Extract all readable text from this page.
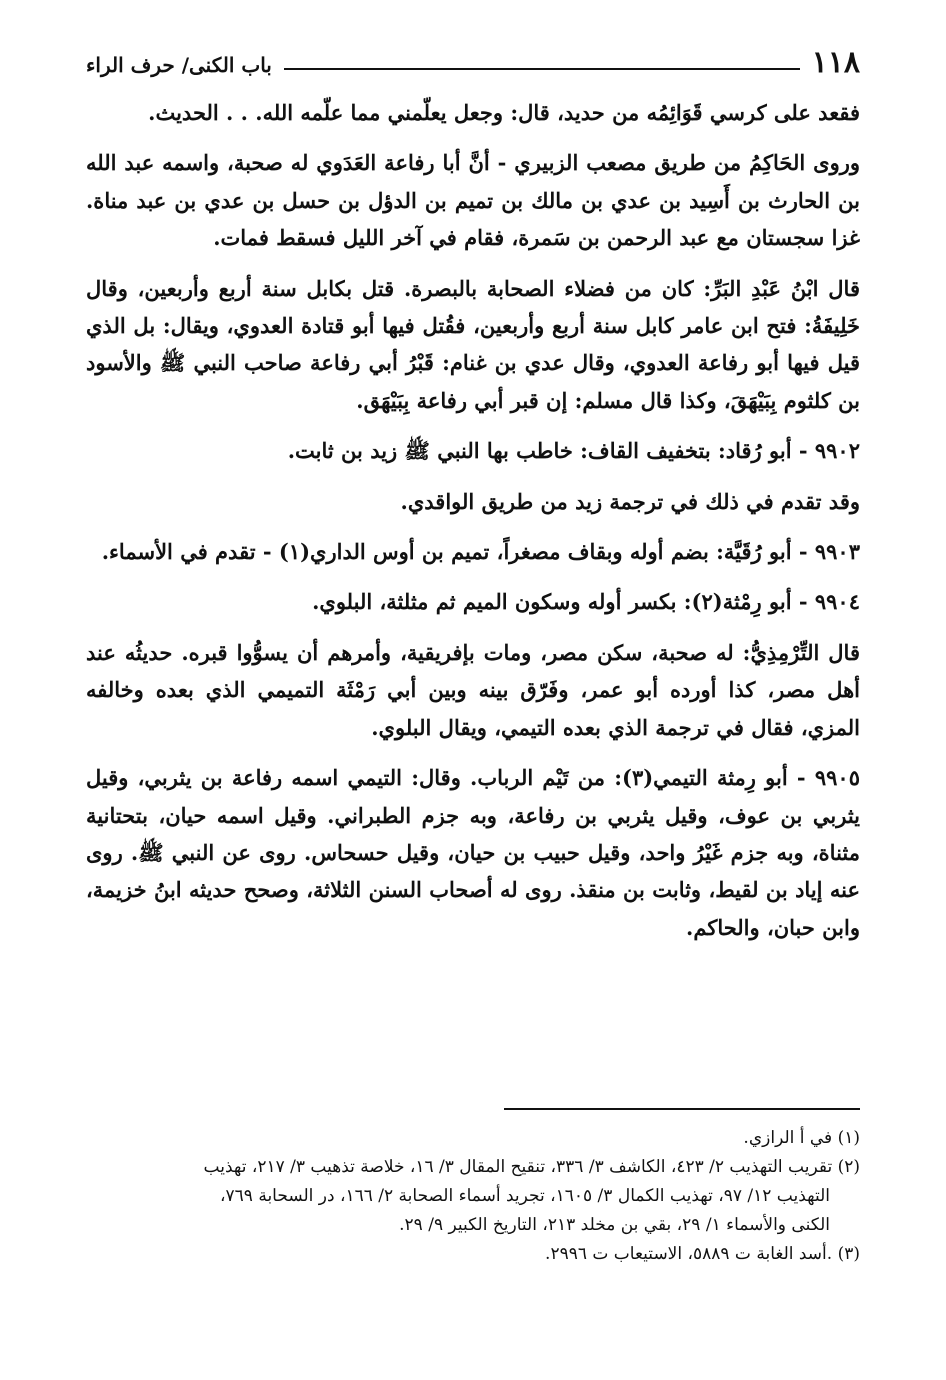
١١٨
باب الكنى/ حرف الراء

فقعد على كرسي قَوَائِمُه من حديد، قال: وجعل يعلّمني مما علّمه الله. . . الحديث.

وروى الحَاكِمُ من طريق مصعب الزبيري - أنَّ أبا رفاعة العَدَوي له صحبة، واسمه عبد الله بن الحارث بن أَسِيد بن عدي بن مالك بن تميم بن الدؤل بن حسل بن عدي بن عبد مناة. غزا سجستان مع عبد الرحمن بن سَمرة، فقام في آخر الليل فسقط فمات.

قال ابْنُ عَبْدِ البَرِّ: كان من فضلاء الصحابة بالبصرة. قتل بكابل سنة أربع وأربعين، وقال خَلِيفَةُ: فتح ابن عامر كابل سنة أربع وأربعين، فقُتل فيها أبو قتادة العدوي، ويقال: بل الذي قيل فيها أبو رفاعة العدوي، وقال عدي بن غنام: قَبْرُ أبي رفاعة صاحب النبي ﷺ والأسود بن كلثوم بِبَيْهَقَ، وكذا قال مسلم: إن قبر أبي رفاعة بِبَيْهَق.

٩٩٠٢ - أبو رُقاد: بتخفيف القاف: خاطب بها النبي ﷺ زيد بن ثابت.

وقد تقدم في ذلك في ترجمة زيد من طريق الواقدي.

٩٩٠٣ - أبو رُقَيَّة: بضم أوله وبقاف مصغراً، تميم بن أوس الداري(١) - تقدم في الأسماء.

٩٩٠٤ - أبو رِمْثة(٢): بكسر أوله وسكون الميم ثم مثلثة، البلوي.

قال التِّرْمِذِيُّ: له صحبة، سكن مصر، ومات بإفريقية، وأمرهم أن يسوُّوا قبره. حديثُه عند أهل مصر، كذا أورده أبو عمر، وفَرّق بينه وبين أبي رَمْثَة التميمي الذي بعده وخالفه المزي، فقال في ترجمة الذي بعده التيمي، ويقال البلوي.

٩٩٠٥ - أبو رِمثة التيمي(٣): من تَيْم الرباب. وقال: التيمي اسمه رفاعة بن يثربي، وقيل يثربي بن عوف، وقيل يثربي بن رفاعة، وبه جزم الطبراني. وقيل اسمه حيان، بتحتانية مثناة، وبه جزم غَيْرُ واحد، وقيل حبيب بن حيان، وقيل حسحاس. روى عن النبي ﷺ. روى عنه إياد بن لقيط، وثابت بن منقذ. روى له أصحاب السنن الثلاثة، وصحح حديثه ابنُ خزيمة، وابن حبان، والحاكم.

(١) في أ الرازي.

(٢) تقريب التهذيب ٢/ ٤٢٣، الكاشف ٣/ ٣٣٦، تنقيح المقال ٣/ ١٦، خلاصة تذهيب ٣/ ٢١٧، تهذيب

التهذيب ١٢/ ٩٧، تهذيب الكمال ٣/ ١٦٠٥، تجريد أسماء الصحابة ٢/ ١٦٦، در السحابة ٧٦٩،

الكنى والأسماء ١/ ٢٩، بقي بن مخلد ٢١٣، التاريخ الكبير ٩/ ٢٩.

(٣) .أسد الغابة ت ٥٨٨٩، الاستيعاب ت ٢٩٩٦.
